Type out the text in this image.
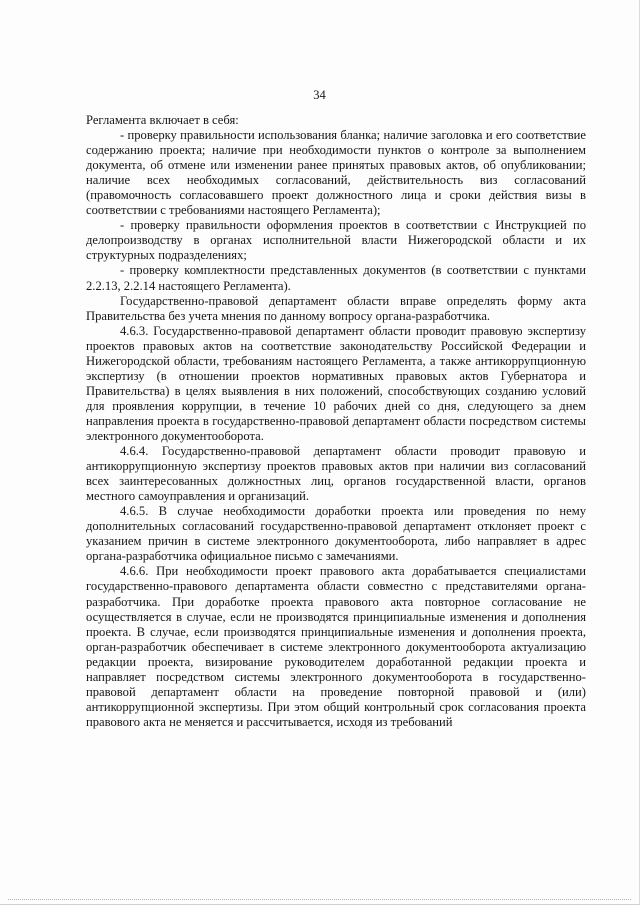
34

Регламента включает в себя:

- проверку правильности использования бланка; наличие заголовка и его соответствие содержанию проекта; наличие при необходимости пунктов о контроле за выполнением документа, об отмене или изменении ранее принятых правовых актов, об опубликовании; наличие всех необходимых согласований, действительность виз согласований (правомочность согласовавшего проект должностного лица и сроки действия визы в соответствии с требованиями настоящего Регламента);

- проверку правильности оформления проектов в соответствии с Инструкцией по делопроизводству в органах исполнительной власти Нижегородской области и их структурных подразделениях;

- проверку комплектности представленных документов (в соответствии с пунктами 2.2.13, 2.2.14 настоящего Регламента).

Государственно-правовой департамент области вправе определять форму акта Правительства без учета мнения по данному вопросу органа-разработчика.

4.6.3. Государственно-правовой департамент области проводит правовую экспертизу проектов правовых актов на соответствие законодательству Российской Федерации и Нижегородской области, требованиям настоящего Регламента, а также антикоррупционную экспертизу (в отношении проектов нормативных правовых актов Губернатора и Правительства) в целях выявления в них положений, способствующих созданию условий для проявления коррупции, в течение 10 рабочих дней со дня, следующего за днем направления проекта в государственно-правовой департамент области посредством системы электронного документооборота.

4.6.4. Государственно-правовой департамент области проводит правовую и антикоррупционную экспертизу проектов правовых актов при наличии виз согласований всех заинтересованных должностных лиц, органов государственной власти, органов местного самоуправления и организаций.

4.6.5. В случае необходимости доработки проекта или проведения по нему дополнительных согласований государственно-правовой департамент отклоняет проект с указанием причин в системе электронного документооборота, либо направляет в адрес органа-разработчика официальное письмо с замечаниями.

4.6.6. При необходимости проект правового акта дорабатывается специалистами государственно-правового департамента области совместно с представителями органа-разработчика. При доработке проекта правового акта повторное согласование не осуществляется в случае, если не производятся принципиальные изменения и дополнения проекта. В случае, если производятся принципиальные изменения и дополнения проекта, орган-разработчик обеспечивает в системе электронного документооборота актуализацию редакции проекта, визирование руководителем доработанной редакции проекта и направляет посредством системы электронного документооборота в государственно-правовой департамент области на проведение повторной правовой и (или) антикоррупционной экспертизы. При этом общий контрольный срок согласования проекта правового акта не меняется и рассчитывается, исходя из требований
